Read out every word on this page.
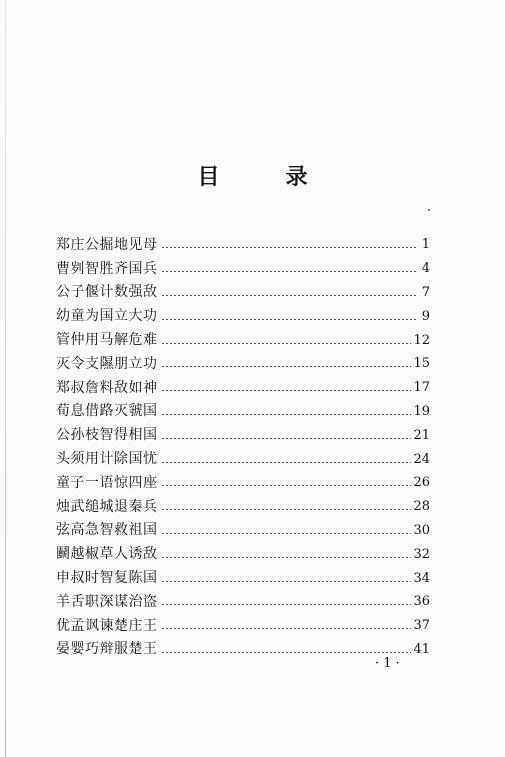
目　录
郑庄公掘地见母	1
曹刿智胜齐国兵	4
公子偃计数强敌	7
幼童为国立大功	9
管仲用马解危难	12
灭令支隰朋立功	15
郑叔詹料敌如神	17
荀息借路灭虢国	19
公孙枝智得相国	21
头须用计除国忧	24
童子一语惊四座	26
烛武缒城退秦兵	28
弦高急智救祖国	30
鬬越椒草人诱敌	32
申叔时智复陈国	34
羊舌职深谋治盗	36
优孟讽谏楚庄王	37
晏婴巧辩服楚王	41
· 1 ·
